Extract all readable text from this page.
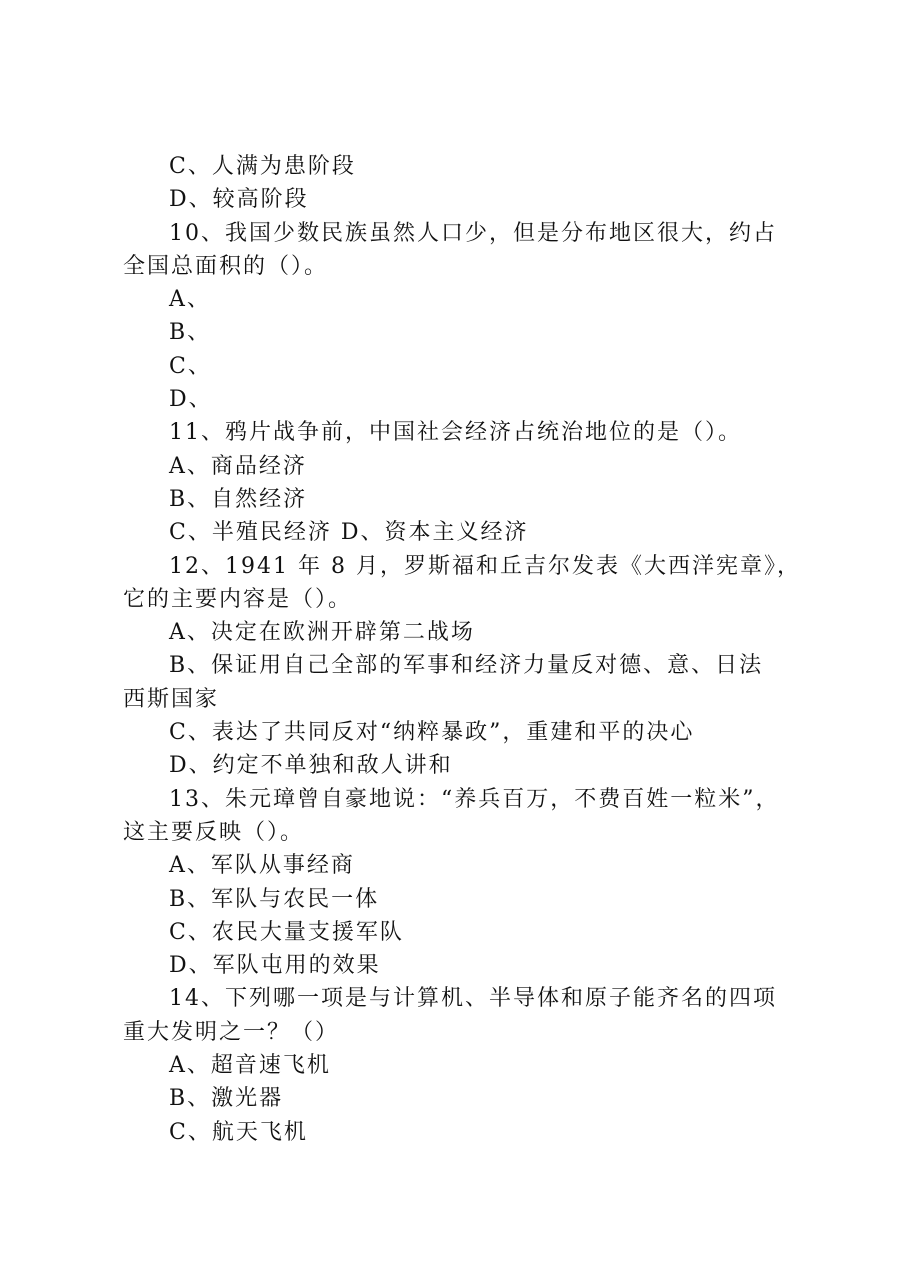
C、人满为患阶段
D、较高阶段
10、我国少数民族虽然人口少，但是分布地区很大，约占
全国总面积的（）。
A、
B、
C、
D、
11、鸦片战争前，中国社会经济占统治地位的是（）。
A、商品经济
B、自然经济
C、半殖民经济 D、资本主义经济
12、1941 年 8 月，罗斯福和丘吉尔发表《大西洋宪章》，
它的主要内容是（）。
A、决定在欧洲开辟第二战场
B、保证用自己全部的军事和经济力量反对德、意、日法
西斯国家
C、表达了共同反对“纳粹暴政”，重建和平的决心
D、约定不单独和敌人讲和
13、朱元璋曾自豪地说：“养兵百万，不费百姓一粒米”，
这主要反映（）。
A、军队从事经商
B、军队与农民一体
C、农民大量支援军队
D、军队屯用的效果
14、下列哪一项是与计算机、半导体和原子能齐名的四项
重大发明之一？（）
A、超音速飞机
B、激光器
C、航天飞机
